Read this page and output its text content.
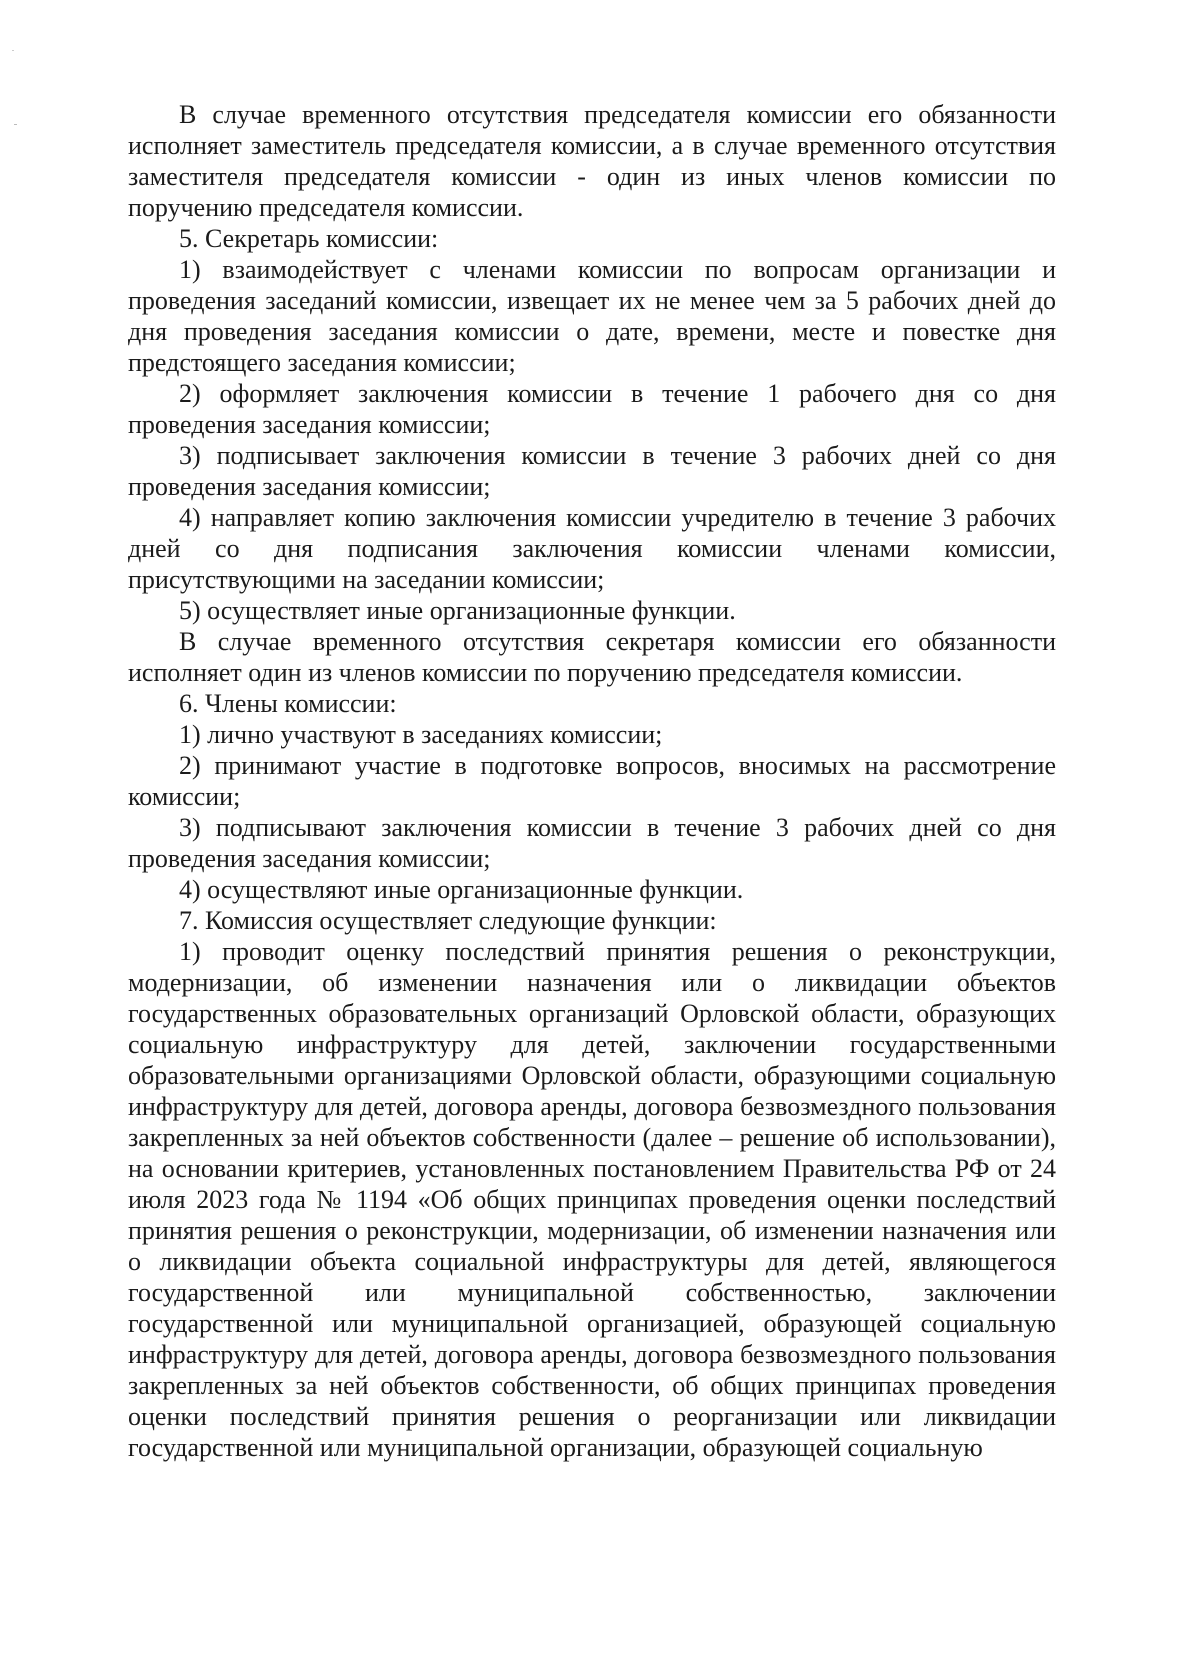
В случае временного отсутствия председателя комиссии его обязанности исполняет заместитель председателя комиссии, а в случае временного отсутствия заместителя председателя комиссии - один из иных членов комиссии по поручению председателя комиссии.

5. Секретарь комиссии:

1) взаимодействует с членами комиссии по вопросам организации и проведения заседаний комиссии, извещает их не менее чем за 5 рабочих дней до дня проведения заседания комиссии о дате, времени, месте и повестке дня предстоящего заседания комиссии;

2) оформляет заключения комиссии в течение 1 рабочего дня со дня проведения заседания комиссии;

3) подписывает заключения комиссии в течение 3 рабочих дней со дня проведения заседания комиссии;

4) направляет копию заключения комиссии учредителю в течение 3 рабочих дней со дня подписания заключения комиссии членами комиссии, присутствующими на заседании комиссии;

5) осуществляет иные организационные функции.

В случае временного отсутствия секретаря комиссии его обязанности исполняет один из членов комиссии по поручению председателя комиссии.

6. Члены комиссии:

1) лично участвуют в заседаниях комиссии;

2) принимают участие в подготовке вопросов, вносимых на рассмотрение комиссии;

3) подписывают заключения комиссии в течение 3 рабочих дней со дня проведения заседания комиссии;

4) осуществляют иные организационные функции.

7. Комиссия осуществляет следующие функции:

1) проводит оценку последствий принятия решения о реконструкции, модернизации, об изменении назначения или о ликвидации объектов государственных образовательных организаций Орловской области, образующих социальную инфраструктуру для детей, заключении государственными образовательными организациями Орловской области, образующими социальную инфраструктуру для детей, договора аренды, договора безвозмездного пользования закрепленных за ней объектов собственности (далее – решение об использовании), на основании критериев, установленных постановлением Правительства РФ от 24 июля 2023 года № 1194 «Об общих принципах проведения оценки последствий принятия решения о реконструкции, модернизации, об изменении назначения или о ликвидации объекта социальной инфраструктуры для детей, являющегося государственной или муниципальной собственностью, заключении государственной или муниципальной организацией, образующей социальную инфраструктуру для детей, договора аренды, договора безвозмездного пользования закрепленных за ней объектов собственности, об общих принципах проведения оценки последствий принятия решения о реорганизации или ликвидации государственной или муниципальной организации, образующей социальную
